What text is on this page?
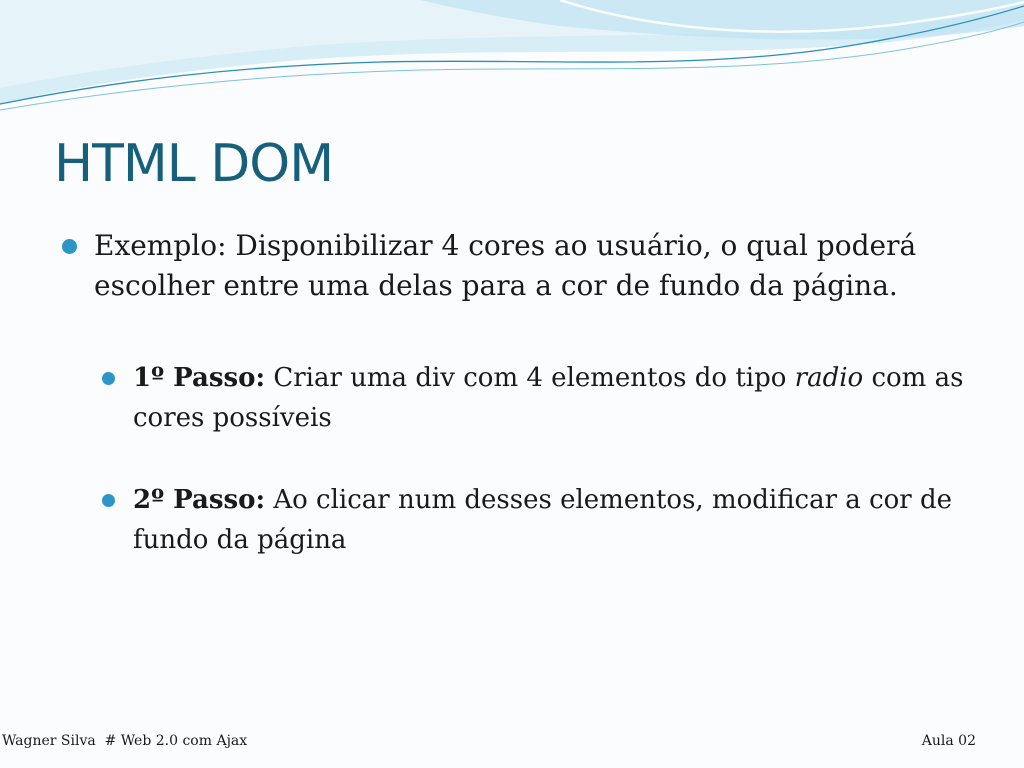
HTML DOM
Exemplo: Disponibilizar 4 cores ao usuário, o qual poderá escolher entre uma delas para a cor de fundo da página.
1º Passo: Criar uma div com 4 elementos do tipo radio com as cores possíveis
2º Passo: Ao clicar num desses elementos, modificar a cor de fundo da página
Wagner Silva  # Web 2.0 com Ajax	Aula 02
